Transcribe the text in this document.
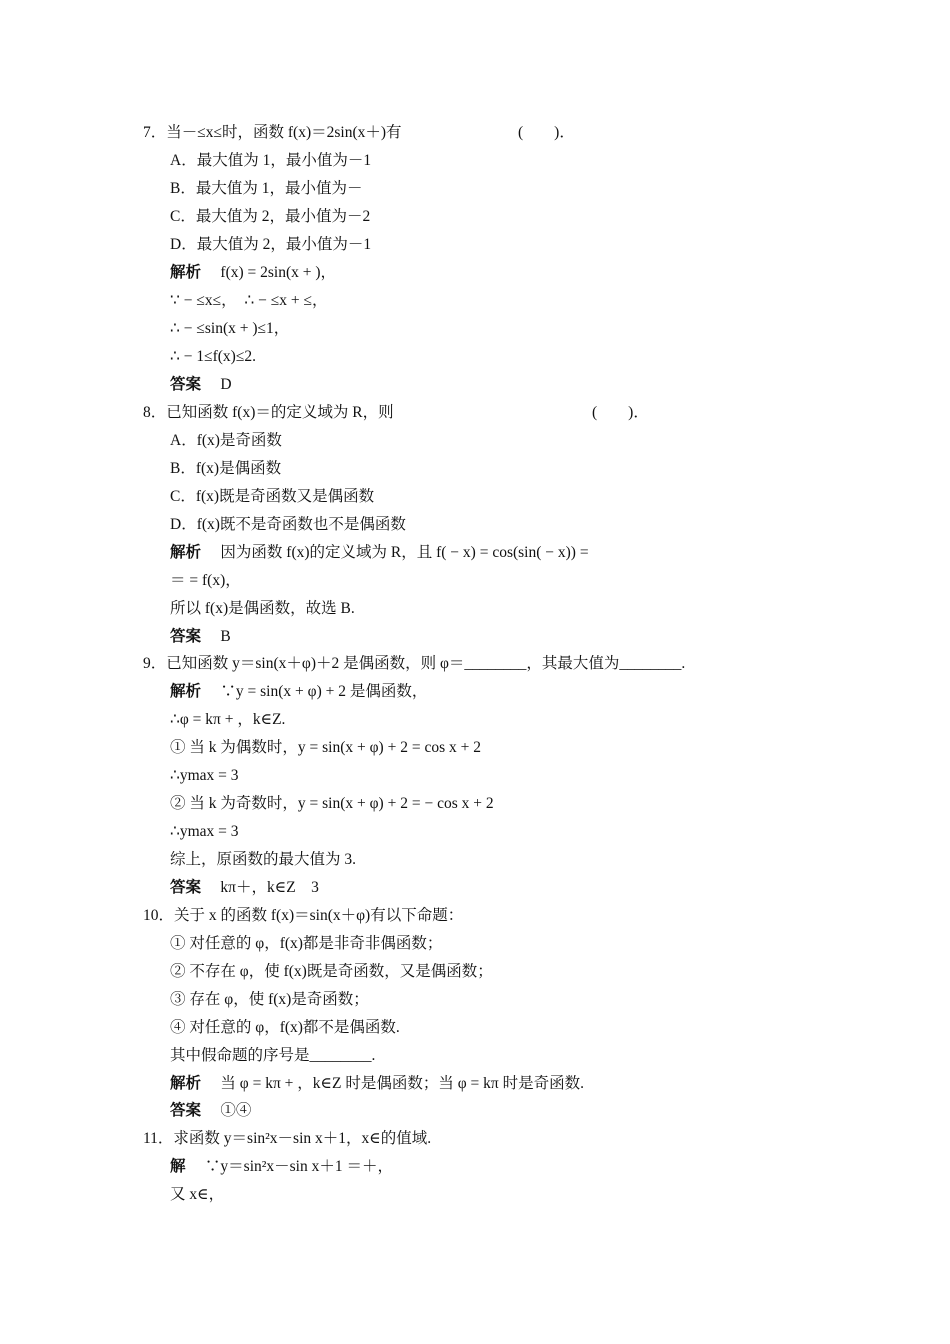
7．当－≤x≤时，函数 f(x)＝2sin(x＋)有	(　　)．
A．最大值为 1，最小值为－1
B．最大值为 1，最小值为－
C．最大值为 2，最小值为－2
D．最大值为 2，最小值为－1
解析　 f(x) = 2sin(x + )，
∵ − ≤x≤，  ∴ − ≤x + ≤，
∴ − ≤sin(x + )≤1，
∴ − 1≤f(x)≤2.
答案　 D
8．已知函数 f(x)＝的定义域为 R，则	(　　)．
A．f(x)是奇函数
B．f(x)是偶函数
C．f(x)既是奇函数又是偶函数
D．f(x)既不是奇函数也不是偶函数
解析　 因为函数 f(x)的定义域为 R，且 f( − x) = cos(sin( − x)) =
＝ = f(x)，
所以 f(x)是偶函数，故选 B.
答案　 B
9．已知函数 y＝sin(x＋φ)＋2 是偶函数，则 φ＝________，其最大值为________.
解析　 ∵y = sin(x + φ) + 2 是偶函数，
∴φ = kπ + ，k∈Z.
① 当 k 为偶数时，y = sin(x + φ) + 2 = cos x + 2
∴ymax = 3
② 当 k 为奇数时，y = sin(x + φ) + 2 = − cos x + 2
∴ymax = 3
综上，原函数的最大值为 3.
答案　 kπ＋，k∈Z　3
10．关于 x 的函数 f(x)＝sin(x＋φ)有以下命题：
① 对任意的 φ，f(x)都是非奇非偶函数；
② 不存在 φ，使 f(x)既是奇函数，又是偶函数；
③ 存在 φ，使 f(x)是奇函数；
④ 对任意的 φ，f(x)都不是偶函数.
其中假命题的序号是________.
解析　 当 φ = kπ + ，k∈Z 时是偶函数；当 φ = kπ 时是奇函数.
答案　 ①④
11．求函数 y＝sin²x－sin x＋1，x∈的值域.
解　 ∵y＝sin²x－sin x＋1 ＝＋，
又 x∈，
